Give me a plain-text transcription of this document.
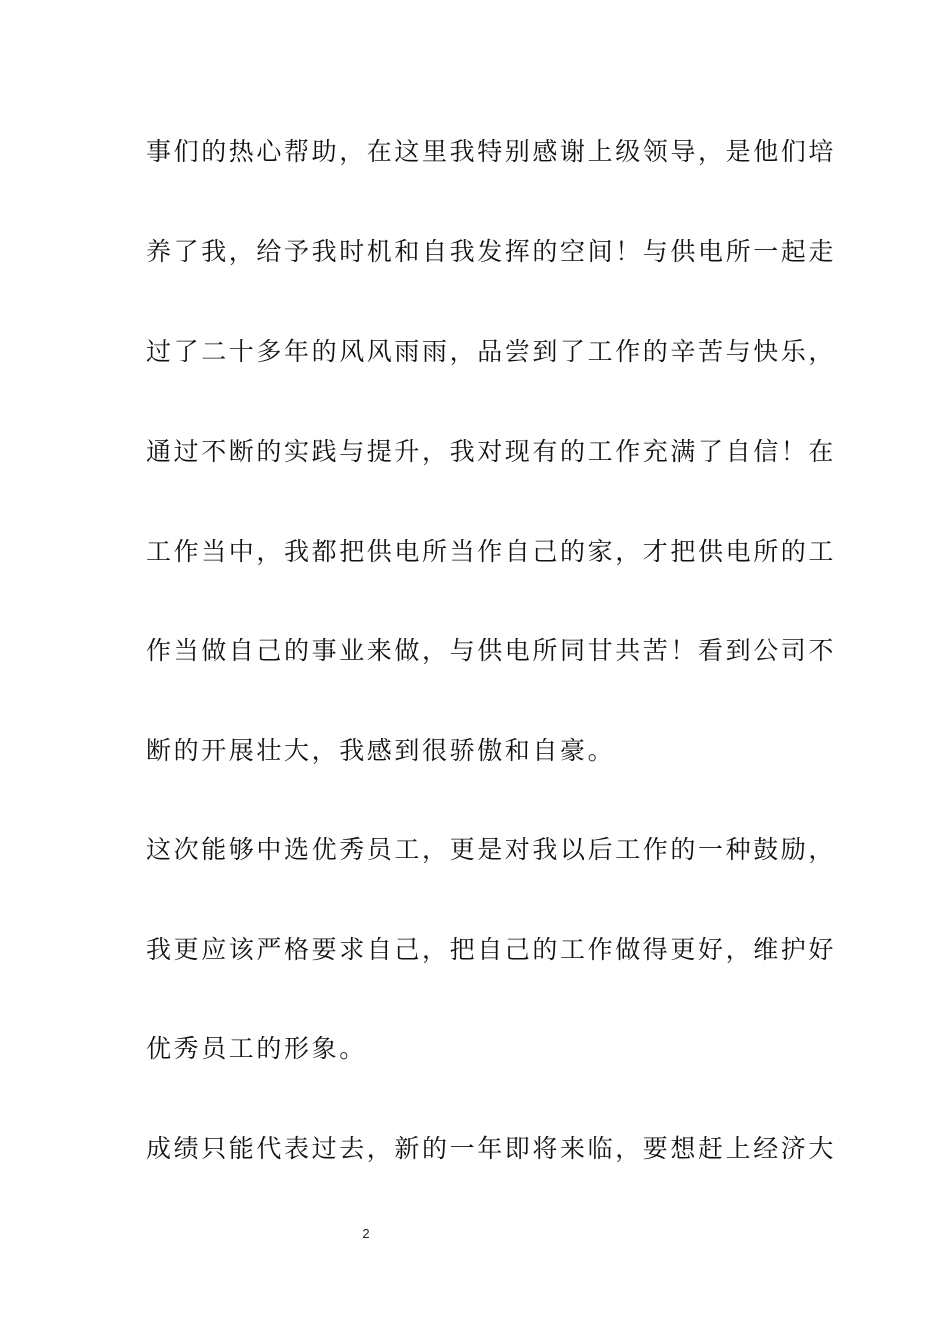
事们的热心帮助，在这里我特别感谢上级领导，是他们培
养了我，给予我时机和自我发挥的空间！与供电所一起走
过了二十多年的风风雨雨，品尝到了工作的辛苦与快乐，
通过不断的实践与提升，我对现有的工作充满了自信！在
工作当中，我都把供电所当作自己的家，才把供电所的工
作当做自己的事业来做，与供电所同甘共苦！看到公司不
断的开展壮大，我感到很骄傲和自豪。
这次能够中选优秀员工，更是对我以后工作的一种鼓励，
我更应该严格要求自己，把自己的工作做得更好，维护好
优秀员工的形象。
成绩只能代表过去，新的一年即将来临，要想赶上经济大
2
